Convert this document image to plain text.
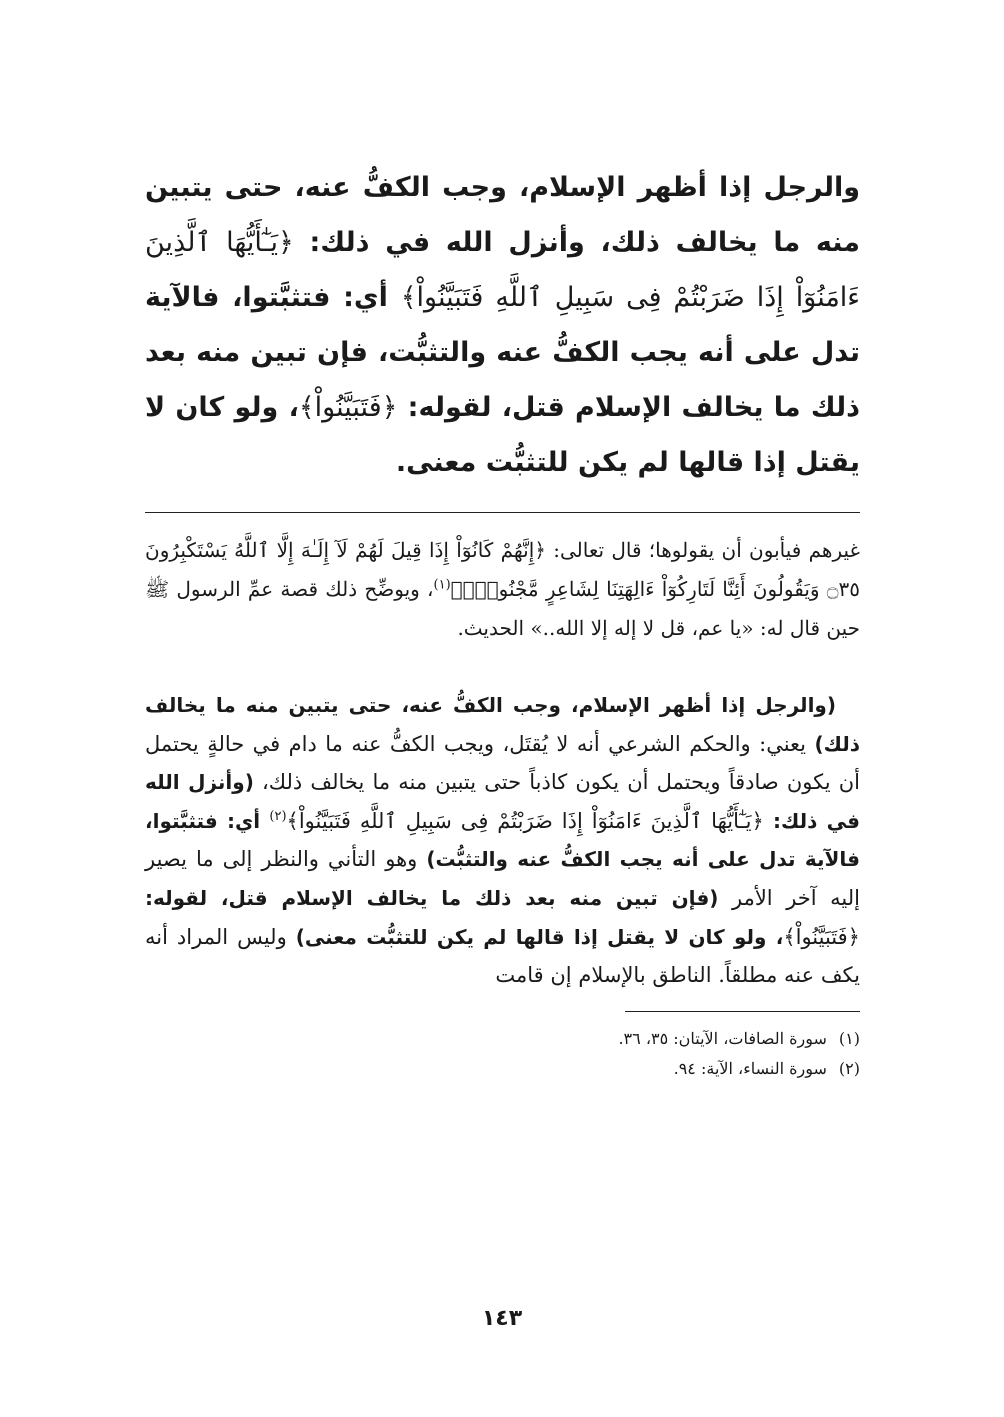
والرجل إذا أظهر الإسلام، وجب الكفُّ عنه، حتى يتبين منه ما يخالف ذلك، وأنزل الله في ذلك: ﴿يَـٰٓأَيُّهَا ٱلَّذِينَ ءَامَنُوٓاْ إِذَا ضَرَبْتُمْ فِى سَبِيلِ ٱللَّهِ فَتَبَيَّنُواْ﴾ أي: فتثبَّتوا، فالآية تدل على أنه يجب الكفُّ عنه والتثبُّت، فإن تبين منه بعد ذلك ما يخالف الإسلام قتل، لقوله: ﴿فَتَبَيَّنُواْ﴾، ولو كان لا يقتل إذا قالها لم يكن للتثبُّت معنى.

غيرهم فيأبون أن يقولوها؛ قال تعالى: ﴿إِنَّهُمْ كَانُوٓاْ إِذَا قِيلَ لَهُمْ لَآ إِلَـٰهَ إِلَّا ٱللَّهُ يَسْتَكْبِرُونَ ۝٣٥ وَيَقُولُونَ أَئِنَّا لَتَارِكُوٓاْ ءَالِهَتِنَا لِشَاعِرٍ مَّجْنُونٍۭ﴾$^{(١)}$، ويوضِّح ذلك قصة عمِّ الرسول ﷺ حين قال له: «يا عم، قل لا إله إلا الله..» الحديث.

(والرجل إذا أظهر الإسلام، وجب الكفُّ عنه، حتى يتبين منه ما يخالف ذلك) يعني: والحكم الشرعي أنه لا يُقتَل، ويجب الكفُّ عنه ما دام في حالةٍ يحتمل أن يكون صادقاً ويحتمل أن يكون كاذباً حتى يتبين منه ما يخالف ذلك، (وأنزل الله في ذلك: ﴿يَـٰٓأَيُّهَا ٱلَّذِينَ ءَامَنُوٓاْ إِذَا ضَرَبْتُمْ فِى سَبِيلِ ٱللَّهِ فَتَبَيَّنُواْ﴾$^{(٢)}$ أي: فتثبَّتوا، فالآية تدل على أنه يجب الكفُّ عنه والتثبُّت) وهو التأني والنظر إلى ما يصير إليه آخر الأمر (فإن تبين منه بعد ذلك ما يخالف الإسلام قتل، لقوله: ﴿فَتَبَيَّنُواْ﴾، ولو كان لا يقتل إذا قالها لم يكن للتثبُّت معنى) وليس المراد أنه يكف عنه مطلقاً. الناطق بالإسلام إن قامت

(١)سورة الصافات، الآيتان: ٣٥، ٣٦.
(٢)سورة النساء، الآية: ٩٤.
١٤٣
